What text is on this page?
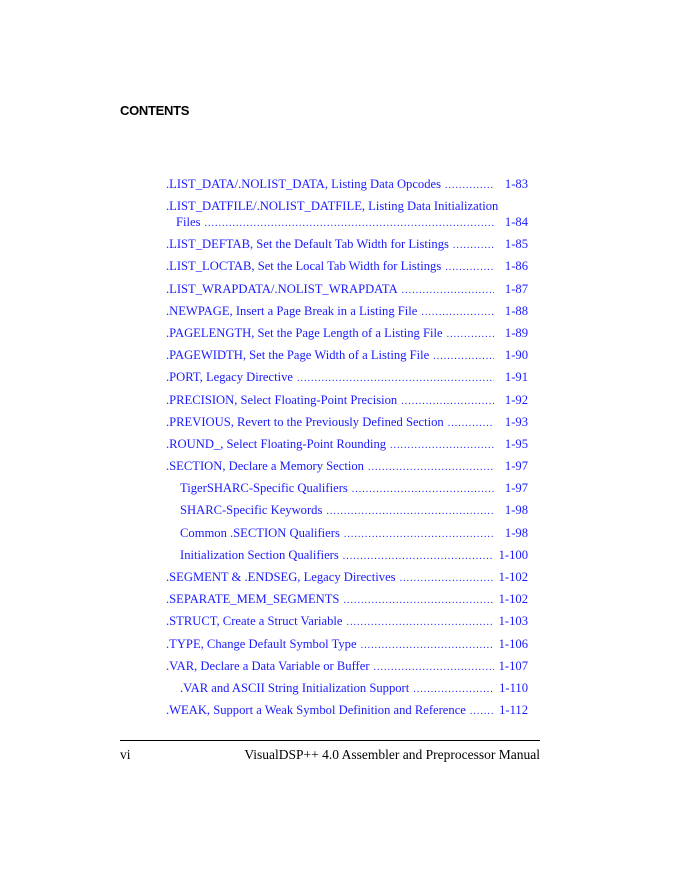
CONTENTS
.LIST_DATA/.NOLIST_DATA, Listing Data Opcodes .....	1-83
.LIST_DATFILE/.NOLIST_DATFILE, Listing Data Initialization
Files .....	1-84
.LIST_DEFTAB, Set the Default Tab Width for Listings .....	1-85
.LIST_LOCTAB, Set the Local Tab Width for Listings .....	1-86
.LIST_WRAPDATA/.NOLIST_WRAPDATA .....	1-87
.NEWPAGE, Insert a Page Break in a Listing File .....	1-88
.PAGELENGTH, Set the Page Length of a Listing File .....	1-89
.PAGEWIDTH, Set the Page Width of a Listing File .....	1-90
.PORT, Legacy Directive .....	1-91
.PRECISION, Select Floating-Point Precision .....	1-92
.PREVIOUS, Revert to the Previously Defined Section .....	1-93
.ROUND_, Select Floating-Point Rounding .....	1-95
.SECTION, Declare a Memory Section .....	1-97
TigerSHARC-Specific Qualifiers .....	1-97
SHARC-Specific Keywords .....	1-98
Common .SECTION Qualifiers .....	1-98
Initialization Section Qualifiers .....	1-100
.SEGMENT & .ENDSEG, Legacy Directives .....	1-102
.SEPARATE_MEM_SEGMENTS .....	1-102
.STRUCT, Create a Struct Variable .....	1-103
.TYPE, Change Default Symbol Type .....	1-106
.VAR, Declare a Data Variable or Buffer .....	1-107
.VAR and ASCII String Initialization Support .....	1-110
.WEAK, Support a Weak Symbol Definition and Reference .....	1-112
vi	VisualDSP++ 4.0 Assembler and Preprocessor Manual
